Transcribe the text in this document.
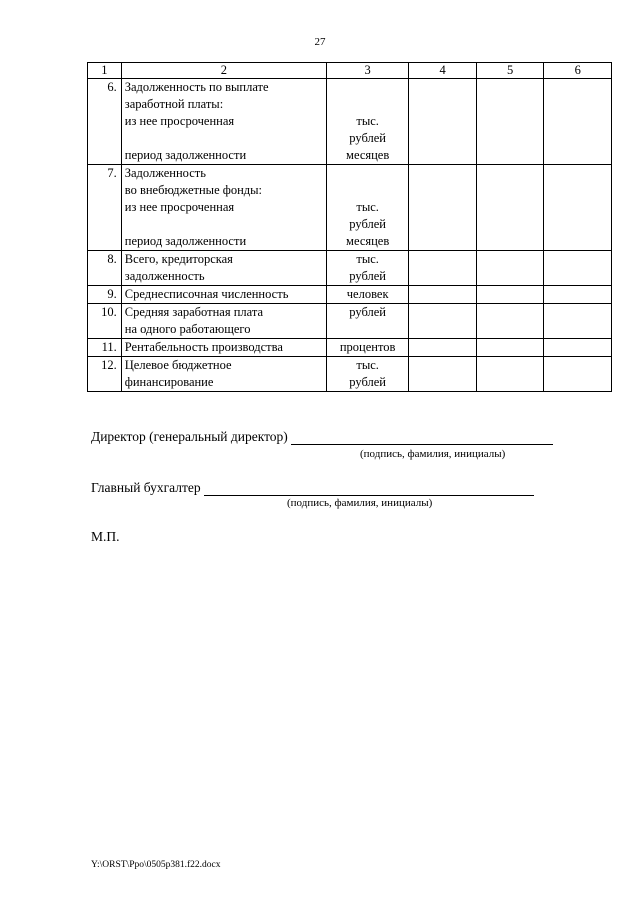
27
1	2	3	4	5	6
6.	Задолженность по выплате
заработной платы:
из нее просроченная
период задолженности	тыс.
рублей
месяцев			

7.	Задолженность
во внебюджетные фонды:
из нее просроченная
период задолженности	тыс.
рублей
месяцев			

8.	Всего, кредиторская
задолженность	тыс.
рублей			

9.	Среднесписочная численность	человек			

10.	Средняя заработная плата
на одного работающего	рублей			

11.	Рентабельность производства	процентов			

12.	Целевое бюджетное
финансирование	тыс.
рублей			

Директор (генеральный директор)
(подпись, фамилия, инициалы)
Главный бухгалтер
(подпись, фамилия, инициалы)
М.П.
Y:\ORST\Ppo\0505p381.f22.docx
